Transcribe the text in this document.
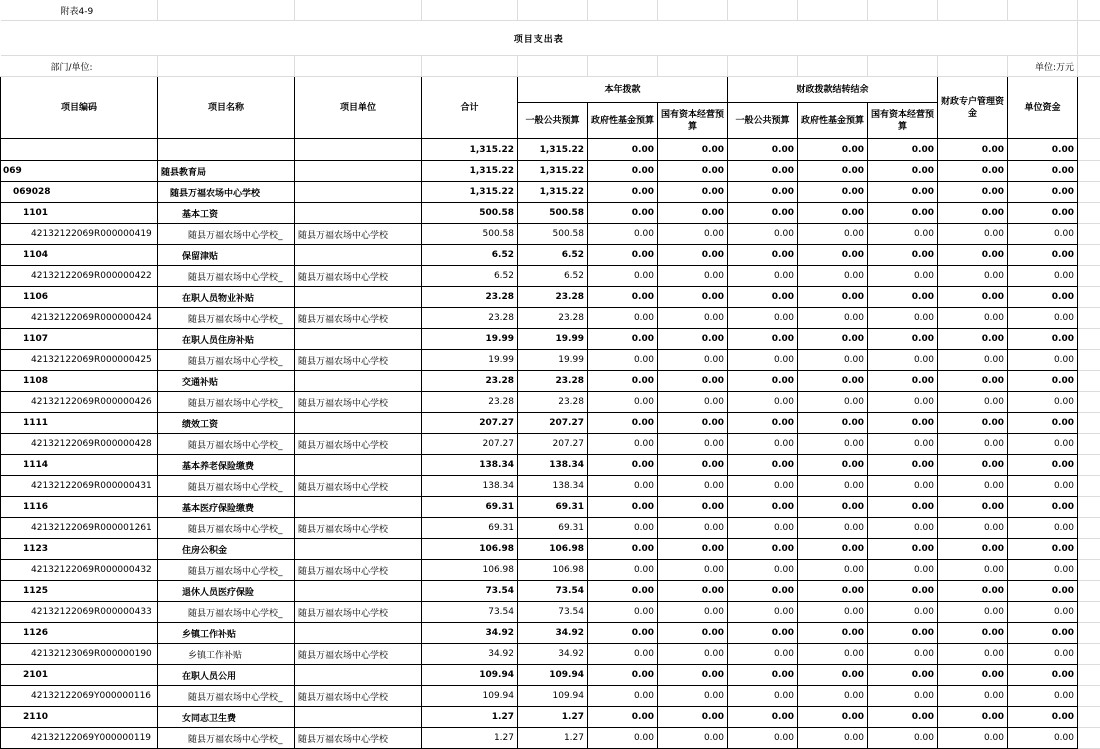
附表4-9												
项目支出表												
部门/单位:											单位:万元	
项目编码	项目名称	项目单位	合计	本年拨款			财政拨款结转结余			财政专户管理资金	单位资金	
				一般公共预算	政府性基金预算	国有资本经营预算	一般公共预算	政府性基金预算	国有资本经营预算			
			1,315.22	1,315.22	0.00	0.00	0.00	0.00	0.00	0.00	0.00	
069	随县教育局		1,315.22	1,315.22	0.00	0.00	0.00	0.00	0.00	0.00	0.00	
069028	随县万福农场中心学校		1,315.22	1,315.22	0.00	0.00	0.00	0.00	0.00	0.00	0.00	
1101	基本工资		500.58	500.58	0.00	0.00	0.00	0.00	0.00	0.00	0.00	
42132122069R000000419	随县万福农场中心学校_	随县万福农场中心学校	500.58	500.58	0.00	0.00	0.00	0.00	0.00	0.00	0.00	
1104	保留津贴		6.52	6.52	0.00	0.00	0.00	0.00	0.00	0.00	0.00	
42132122069R000000422	随县万福农场中心学校_	随县万福农场中心学校	6.52	6.52	0.00	0.00	0.00	0.00	0.00	0.00	0.00	
1106	在职人员物业补贴		23.28	23.28	0.00	0.00	0.00	0.00	0.00	0.00	0.00	
42132122069R000000424	随县万福农场中心学校_	随县万福农场中心学校	23.28	23.28	0.00	0.00	0.00	0.00	0.00	0.00	0.00	
1107	在职人员住房补贴		19.99	19.99	0.00	0.00	0.00	0.00	0.00	0.00	0.00	
42132122069R000000425	随县万福农场中心学校_	随县万福农场中心学校	19.99	19.99	0.00	0.00	0.00	0.00	0.00	0.00	0.00	
1108	交通补贴		23.28	23.28	0.00	0.00	0.00	0.00	0.00	0.00	0.00	
42132122069R000000426	随县万福农场中心学校_	随县万福农场中心学校	23.28	23.28	0.00	0.00	0.00	0.00	0.00	0.00	0.00	
1111	绩效工资		207.27	207.27	0.00	0.00	0.00	0.00	0.00	0.00	0.00	
42132122069R000000428	随县万福农场中心学校_	随县万福农场中心学校	207.27	207.27	0.00	0.00	0.00	0.00	0.00	0.00	0.00	
1114	基本养老保险缴费		138.34	138.34	0.00	0.00	0.00	0.00	0.00	0.00	0.00	
42132122069R000000431	随县万福农场中心学校_	随县万福农场中心学校	138.34	138.34	0.00	0.00	0.00	0.00	0.00	0.00	0.00	
1116	基本医疗保险缴费		69.31	69.31	0.00	0.00	0.00	0.00	0.00	0.00	0.00	
42132122069R000001261	随县万福农场中心学校_	随县万福农场中心学校	69.31	69.31	0.00	0.00	0.00	0.00	0.00	0.00	0.00	
1123	住房公积金		106.98	106.98	0.00	0.00	0.00	0.00	0.00	0.00	0.00	
42132122069R000000432	随县万福农场中心学校_	随县万福农场中心学校	106.98	106.98	0.00	0.00	0.00	0.00	0.00	0.00	0.00	
1125	退休人员医疗保险		73.54	73.54	0.00	0.00	0.00	0.00	0.00	0.00	0.00	
42132122069R000000433	随县万福农场中心学校_	随县万福农场中心学校	73.54	73.54	0.00	0.00	0.00	0.00	0.00	0.00	0.00	
1126	乡镇工作补贴		34.92	34.92	0.00	0.00	0.00	0.00	0.00	0.00	0.00	
42132123069R000000190	乡镇工作补贴	随县万福农场中心学校	34.92	34.92	0.00	0.00	0.00	0.00	0.00	0.00	0.00	
2101	在职人员公用		109.94	109.94	0.00	0.00	0.00	0.00	0.00	0.00	0.00	
42132122069Y000000116	随县万福农场中心学校_	随县万福农场中心学校	109.94	109.94	0.00	0.00	0.00	0.00	0.00	0.00	0.00	
2110	女同志卫生费		1.27	1.27	0.00	0.00	0.00	0.00	0.00	0.00	0.00	
42132122069Y000000119	随县万福农场中心学校_	随县万福农场中心学校	1.27	1.27	0.00	0.00	0.00	0.00	0.00	0.00	0.00	
